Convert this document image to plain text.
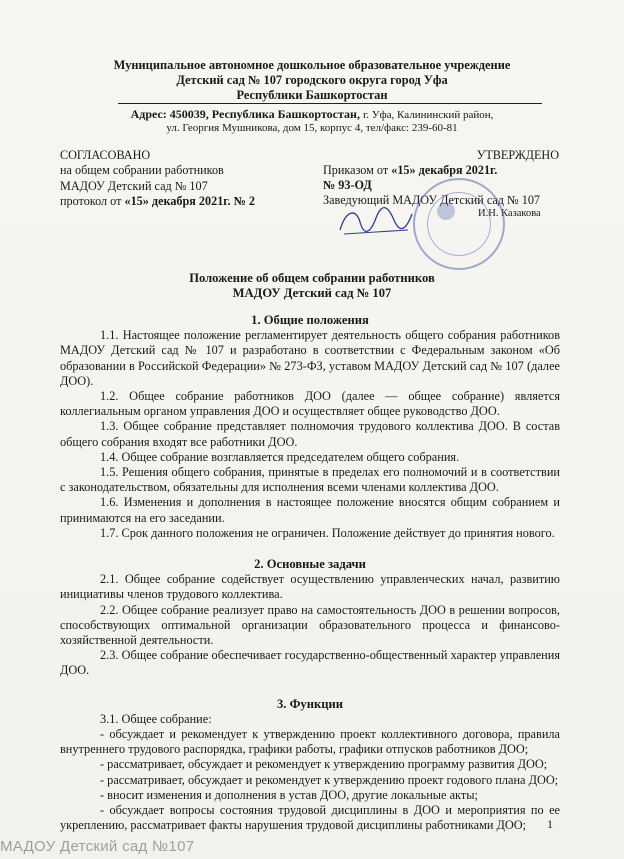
Муниципальное автономное дошкольное образовательное учреждение
Детский сад № 107 городского округа город Уфа
Республики Башкортостан
Адрес: 450039, Республика Башкортостан, г. Уфа, Калининский район,
ул. Георгия Мушникова, дом 15, корпус 4, тел/факс: 239-60-81
СОГЛАСОВАНО
на общем собрании работников
МАДОУ Детский сад № 107
протокол от «15» декабря 2021г. № 2
УТВЕРЖДЕНО
Приказом от «15» декабря 2021г.
№ 93-ОД
Заведующий МАДОУ Детский сад № 107
И.Н. Казакова
Положение об общем собрании работников
МАДОУ Детский сад № 107
1. Общие положения
1.1. Настоящее положение регламентирует деятельность общего собрания работников МАДОУ Детский сад № 107 и разработано в соответствии с Федеральным законом «Об образовании в Российской Федерации» № 273-ФЗ, уставом МАДОУ Детский сад № 107 (далее ДОО).
1.2. Общее собрание работников ДОО (далее — общее собрание) является коллегиальным органом управления ДОО и осуществляет общее руководство ДОО.
1.3. Общее собрание представляет полномочия трудового коллектива ДОО. В состав общего собрания входят все работники ДОО.
1.4. Общее собрание возглавляется председателем общего собрания.
1.5. Решения общего собрания, принятые в пределах его полномочий и в соответствии с законодательством, обязательны для исполнения всеми членами коллектива ДОО.
1.6. Изменения и дополнения в настоящее положение вносятся общим собранием и принимаются на его заседании.
1.7. Срок данного положения не ограничен. Положение действует до принятия нового.
2. Основные задачи
2.1. Общее собрание содействует осуществлению управленческих начал, развитию инициативы членов трудового коллектива.
2.2. Общее собрание реализует право на самостоятельность ДОО в решении вопросов, способствующих оптимальной организации образовательного процесса и финансово-хозяйственной деятельности.
2.3. Общее собрание обеспечивает государственно-общественный характер управления ДОО.
3. Функции
3.1. Общее собрание:
- обсуждает и рекомендует к утверждению проект коллективного договора, правила внутреннего трудового распорядка, графики работы, графики отпусков работников ДОО;
- рассматривает, обсуждает и рекомендует к утверждению программу развития ДОО;
- рассматривает, обсуждает и рекомендует к утверждению проект годового плана ДОО;
- вносит изменения и дополнения в устав ДОО, другие локальные акты;
- обсуждает вопросы состояния трудовой дисциплины в ДОО и мероприятия по ее укреплению, рассматривает факты нарушения трудовой дисциплины работниками ДОО;	1
МАДОУ Детский сад №107
